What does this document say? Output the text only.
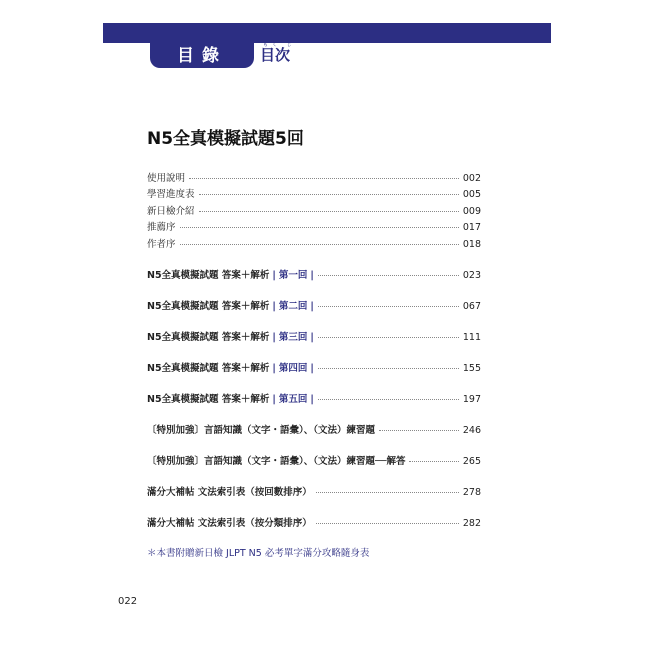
目錄
もく じ
目次
N5全真模擬試題5回
使用說明	002
學習進度表	005
新日檢介紹	009
推薦序	017
作者序	018
N5全真模擬試題 答案＋解析 | 第一回 |	023
N5全真模擬試題 答案＋解析 | 第二回 |	067
N5全真模擬試題 答案＋解析 | 第三回 |	111
N5全真模擬試題 答案＋解析 | 第四回 |	155
N5全真模擬試題 答案＋解析 | 第五回 |	197
〔特別加強〕言語知識（文字・語彙）、（文法）練習題	246
〔特別加強〕言語知識（文字・語彙）、（文法）練習題──解答	265
滿分大補帖 文法索引表（按回數排序）	278
滿分大補帖 文法索引表（按分類排序）	282
＊本書附贈新日檢 JLPT N5 必考單字滿分攻略隨身表
022
